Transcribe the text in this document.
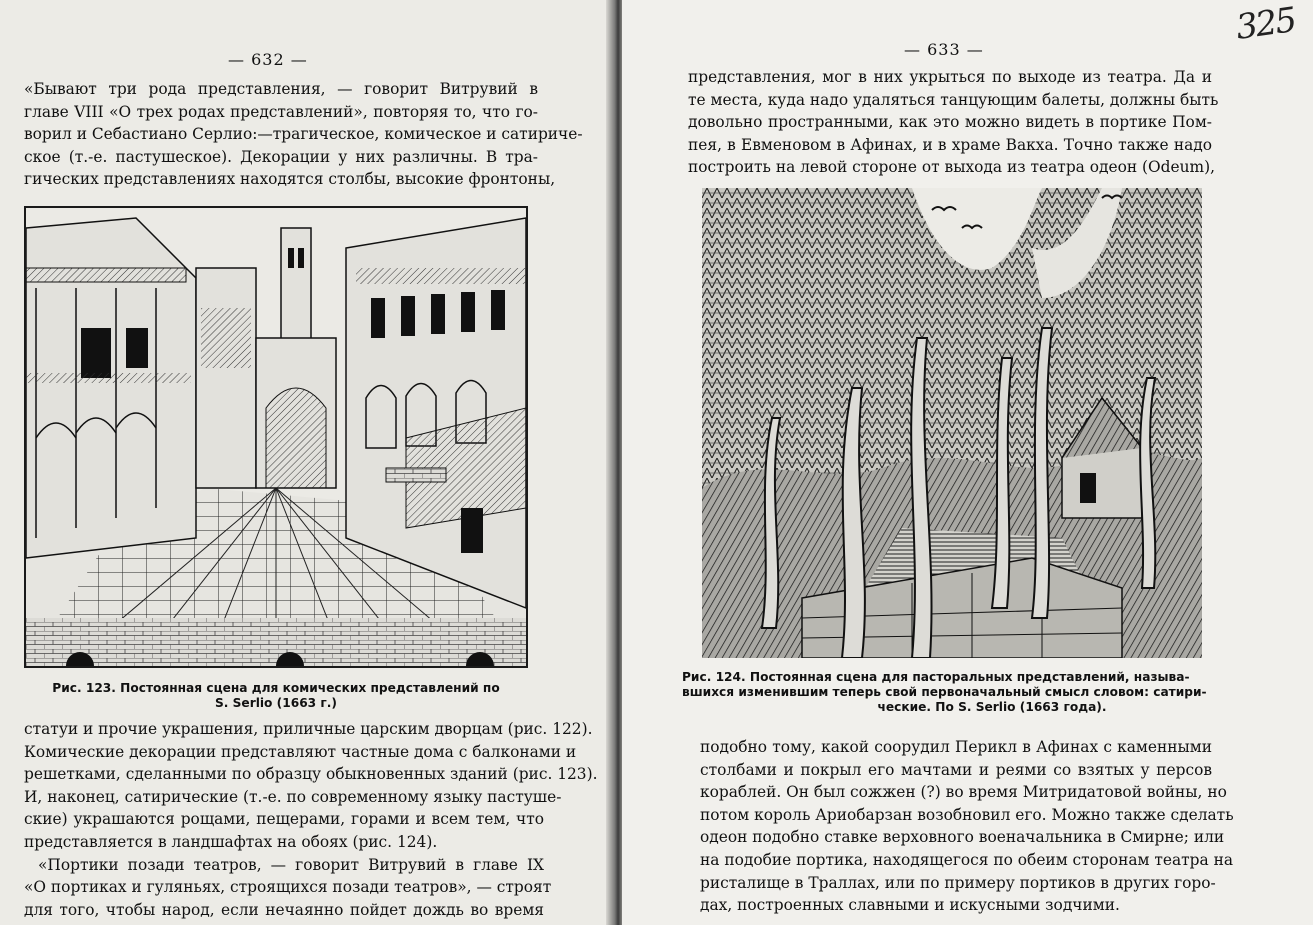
— 632 —
«Бывают три рода представления, — говорит Витрувий в
главе VIII «О трех родах представлений», повторяя то, что го-
ворил и Себастиано Серлио:—трагическое, комическое и сатириче-
ское (т.-е. пастушеское). Декорации у них различны. В тра-
гических представлениях находятся столбы, высокие фронтоны,
Рис. 123. Постоянная сцена для комических представлений по
S. Serlio (1663 г.)
статуи и прочие украшения, приличные царским дворцам (рис. 122).
Комические декорации представляют частные дома с балконами и
решетками, сделанными по образцу обыкновенных зданий (рис. 123).
И, наконец, сатирические (т.-е. по современному языку пастуше-
ские) украшаются рощами, пещерами, горами и всем тем, что
представляется в ландшафтах на обоях (рис. 124).
«Портики позади театров, — говорит Витрувий в главе IX
«О портиках и гуляньях, строящихся позади театров», — строят
для того, чтобы народ, если нечаянно пойдет дождь во время
— 633 —
325
представления, мог в них укрыться по выходе из театра. Да и
те места, куда надо удаляться танцующим балеты, должны быть
довольно пространными, как это можно видеть в портике Пом-
пея, в Евменовом в Афинах, и в храме Вакха. Точно также надо
построить на левой стороне от выхода из театра одеон (Odeum),
Рис. 124. Постоянная сцена для пасторальных представлений, называ-
вшихся изменившим теперь свой первоначальный смысл словом: сатири-
ческие. По S. Serlio (1663 года).
подобно тому, какой соорудил Перикл в Афинах с каменными
столбами и покрыл его мачтами и реями со взятых у персов
кораблей. Он был сожжен (?) во время Митридатовой войны, но
потом король Ариобарзан возобновил его. Можно также сделать
одеон подобно ставке верховного военачальника в Смирне; или
на подобие портика, находящегося по обеим сторонам театра на
ристалище в Траллах, или по примеру портиков в других горо-
дах, построенных славными и искусными зодчими.
